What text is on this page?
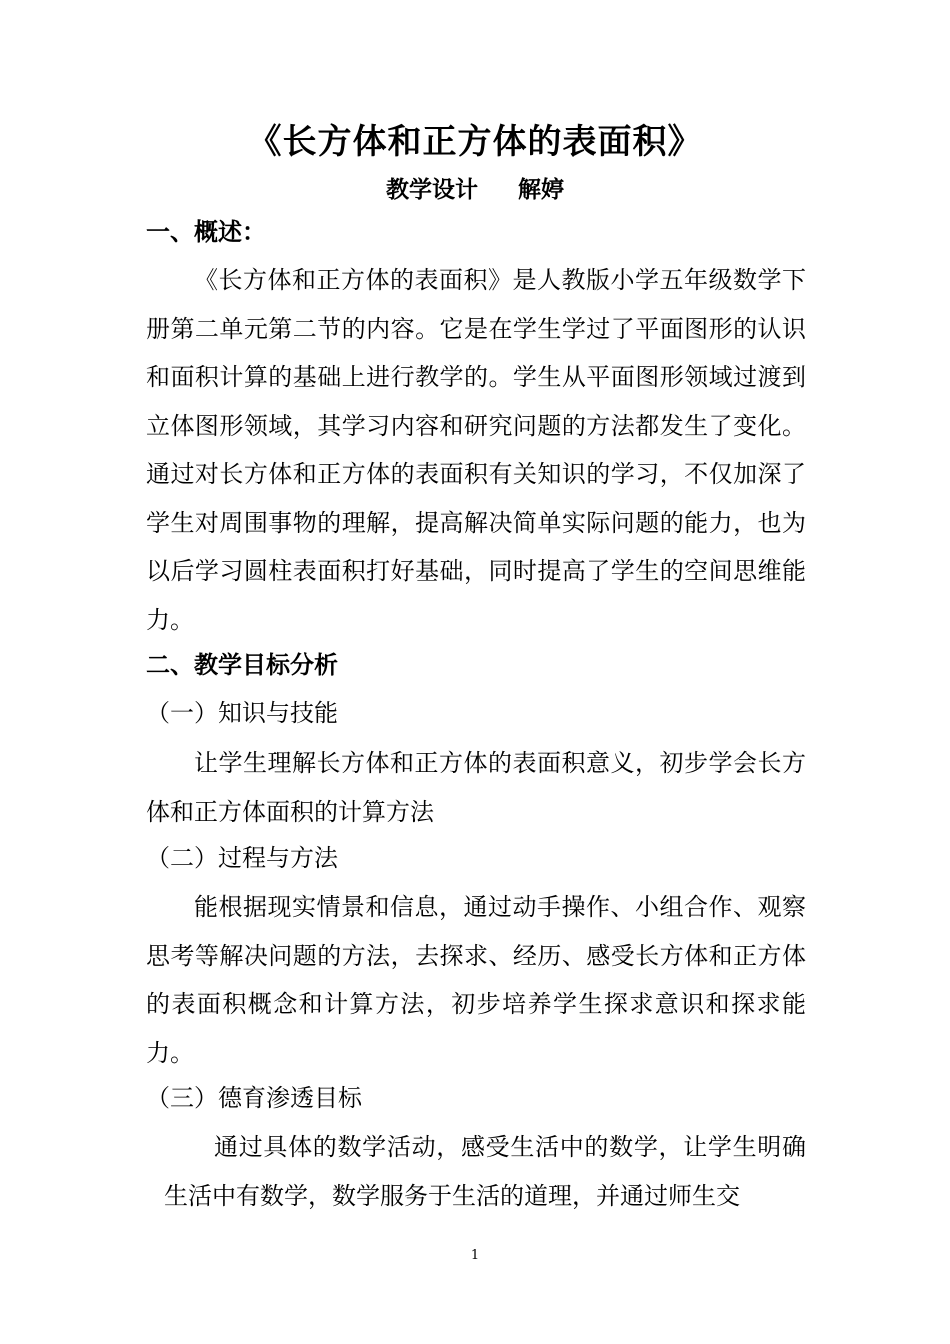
《长方体和正方体的表面积》
教学设计 解婷
一、概述：

《长方体和正方体的表面积》是人教版小学五年级数学下册第二单元第二节的内容。它是在学生学过了平面图形的认识和面积计算的基础上进行教学的。学生从平面图形领域过渡到立体图形领域，其学习内容和研究问题的方法都发生了变化。通过对长方体和正方体的表面积有关知识的学习，不仅加深了学生对周围事物的理解，提高解决简单实际问题的能力，也为以后学习圆柱表面积打好基础，同时提高了学生的空间思维能力。

二、教学目标分析
（一）知识与技能

让学生理解长方体和正方体的表面积意义，初步学会长方体和正方体面积的计算方法

（二）过程与方法

能根据现实情景和信息，通过动手操作、小组合作、观察思考等解决问题的方法，去探求、经历、感受长方体和正方体的表面积概念和计算方法，初步培养学生探求意识和探求能力。

（三）德育渗透目标

通过具体的数学活动，感受生活中的数学，让学生明确生活中有数学，数学服务于生活的道理，并通过师生交

1
